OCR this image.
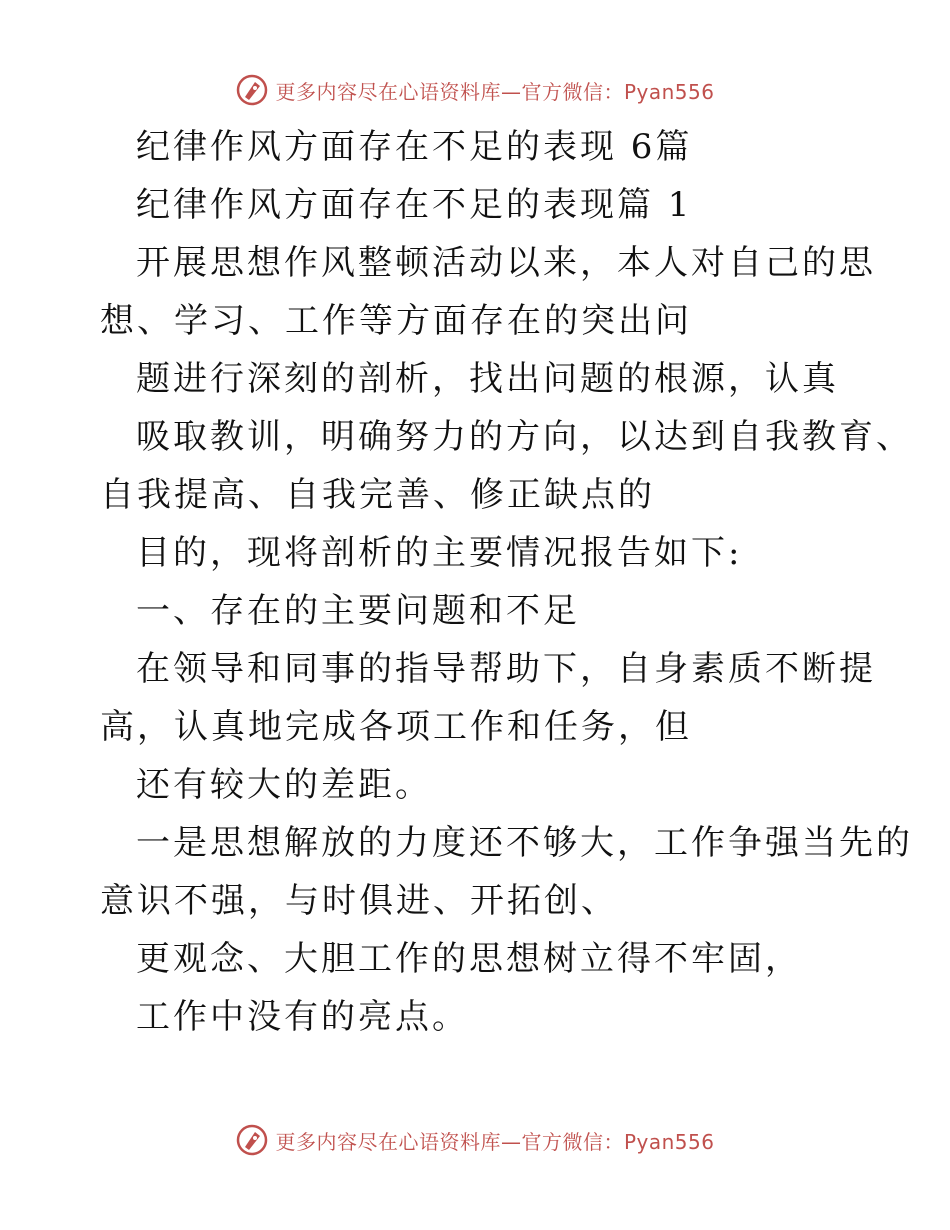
更多内容尽在心语资料库—官方微信：Pyan556
纪律作风方面存在不足的表现 6篇
纪律作风方面存在不足的表现篇 1
开展思想作风整顿活动以来，本人对自己的思
想、学习、工作等方面存在的突出问
题进行深刻的剖析，找出问题的根源，认真
吸取教训，明确努力的方向，以达到自我教育、
自我提高、自我完善、修正缺点的
目的，现将剖析的主要情况报告如下:
一、存在的主要问题和不足
在领导和同事的指导帮助下，自身素质不断提
高，认真地完成各项工作和任务，但
还有较大的差距。
一是思想解放的力度还不够大，工作争强当先的
意识不强，与时俱进、开拓创、
更观念、大胆工作的思想树立得不牢固，
工作中没有的亮点。
更多内容尽在心语资料库—官方微信：Pyan556
